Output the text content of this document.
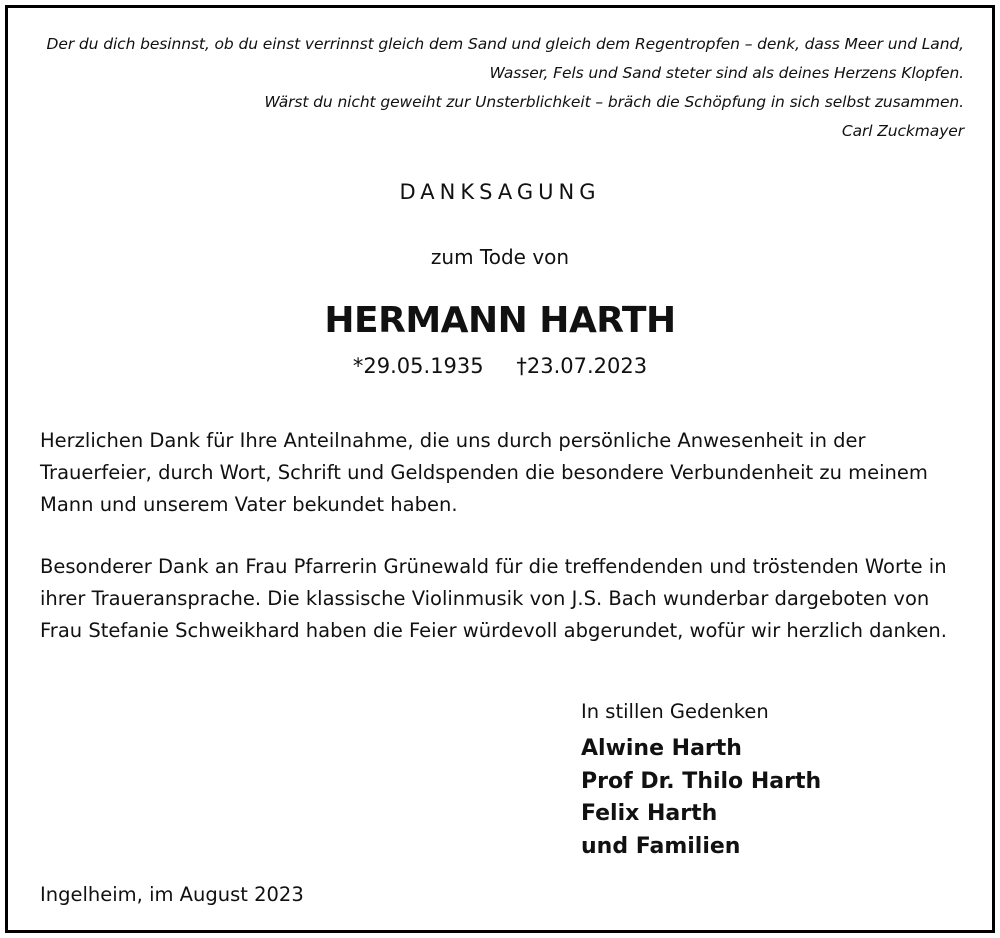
Der du dich besinnst, ob du einst verrinnst gleich dem Sand und gleich dem Regentropfen – denk, dass Meer und Land,
Wasser, Fels und Sand steter sind als deines Herzens Klopfen.
Wärst du nicht geweiht zur Unsterblichkeit – bräch die Schöpfung in sich selbst zusammen.
Carl Zuckmayer
DANKSAGUNG
zum Tode von
HERMANN HARTH
*29.05.1935 †23.07.2023
Herzlichen Dank für Ihre Anteilnahme, die uns durch persönliche Anwesenheit in der
Trauerfeier, durch Wort, Schrift und Geldspenden die besondere Verbundenheit zu meinem
Mann und unserem Vater bekundet haben.
Besonderer Dank an Frau Pfarrerin Grünewald für die treffendenden und tröstenden Worte in
ihrer Traueransprache. Die klassische Violinmusik von J.S. Bach wunderbar dargeboten von
Frau Stefanie Schweikhard haben die Feier würdevoll abgerundet, wofür wir herzlich danken.
In stillen Gedenken
Alwine Harth
Prof Dr. Thilo Harth
Felix Harth
und Familien
Ingelheim, im August 2023
